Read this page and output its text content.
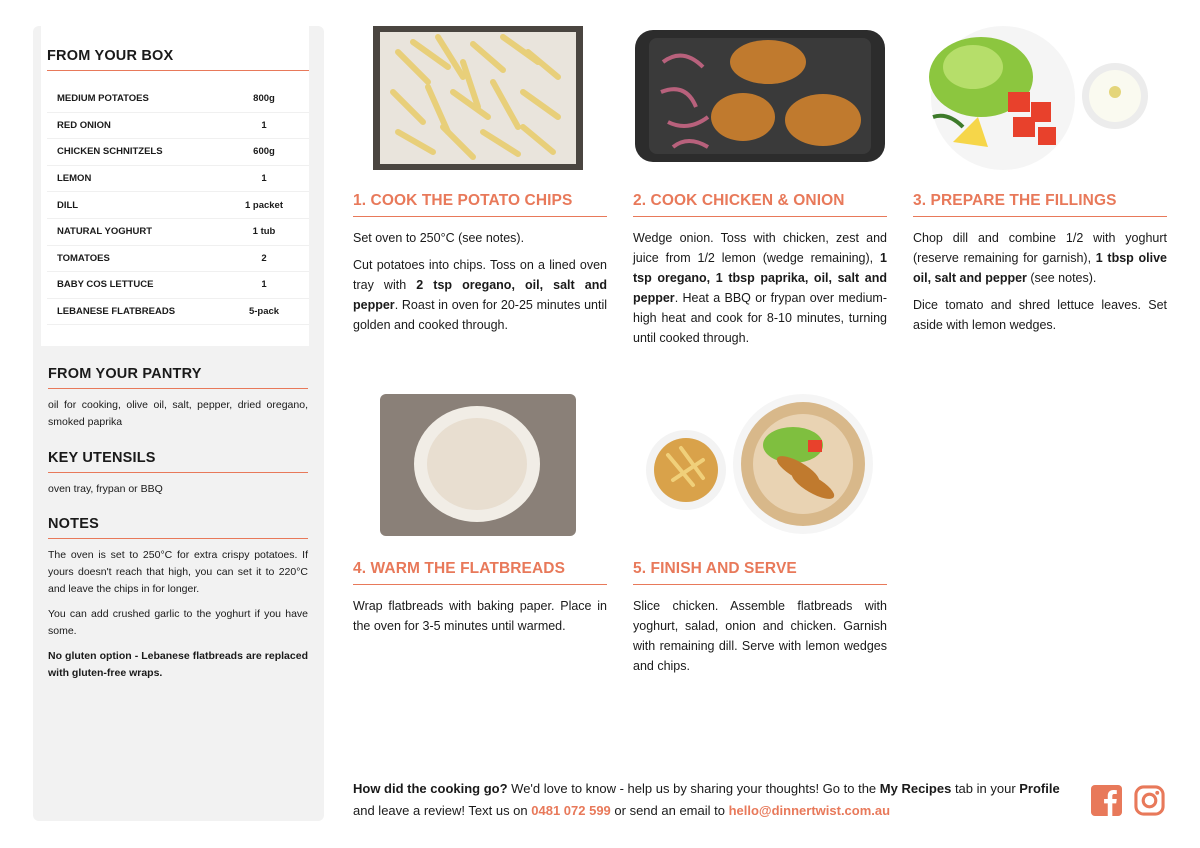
FROM YOUR BOX
MEDIUM POTATOES	800g
RED ONION	1
CHICKEN SCHNITZELS	600g
LEMON	1
DILL	1 packet
NATURAL YOGHURT	1 tub
TOMATOES	2
BABY COS LETTUCE	1
LEBANESE FLATBREADS	5-pack
FROM YOUR PANTRY

oil for cooking, olive oil, salt, pepper, dried oregano, smoked paprika

KEY UTENSILS

oven tray, frypan or BBQ

NOTES

The oven is set to 250°C for extra crispy potatoes. If yours doesn't reach that high, you can set it to 220°C and leave the chips in for longer.

You can add crushed garlic to the yoghurt if you have some.

No gluten option - Lebanese flatbreads are replaced with gluten-free wraps.

1. COOK THE POTATO CHIPS

Set oven to 250°C (see notes).

Cut potatoes into chips. Toss on a lined oven tray with 2 tsp oregano, oil, salt and pepper. Roast in oven for 20-25 minutes until golden and cooked through.

2. COOK CHICKEN & ONION

Wedge onion. Toss with chicken, zest and juice from 1/2 lemon (wedge remaining), 1 tsp oregano, 1 tbsp paprika, oil, salt and pepper. Heat a BBQ or frypan over medium-high heat and cook for 8-10 minutes, turning until cooked through.

3. PREPARE THE FILLINGS

Chop dill and combine 1/2 with yoghurt (reserve remaining for garnish), 1 tbsp olive oil, salt and pepper (see notes).

Dice tomato and shred lettuce leaves. Set aside with lemon wedges.

4. WARM THE FLATBREADS

Wrap flatbreads with baking paper. Place in the oven for 3-5 minutes until warmed.

5. FINISH AND SERVE

Slice chicken. Assemble flatbreads with yoghurt, salad, onion and chicken. Garnish with remaining dill. Serve with lemon wedges and chips.

How did the cooking go? We'd love to know - help us by sharing your thoughts! Go to the My Recipes tab in your Profile and leave a review! Text us on 0481 072 599 or send an email to hello@dinnertwist.com.au
